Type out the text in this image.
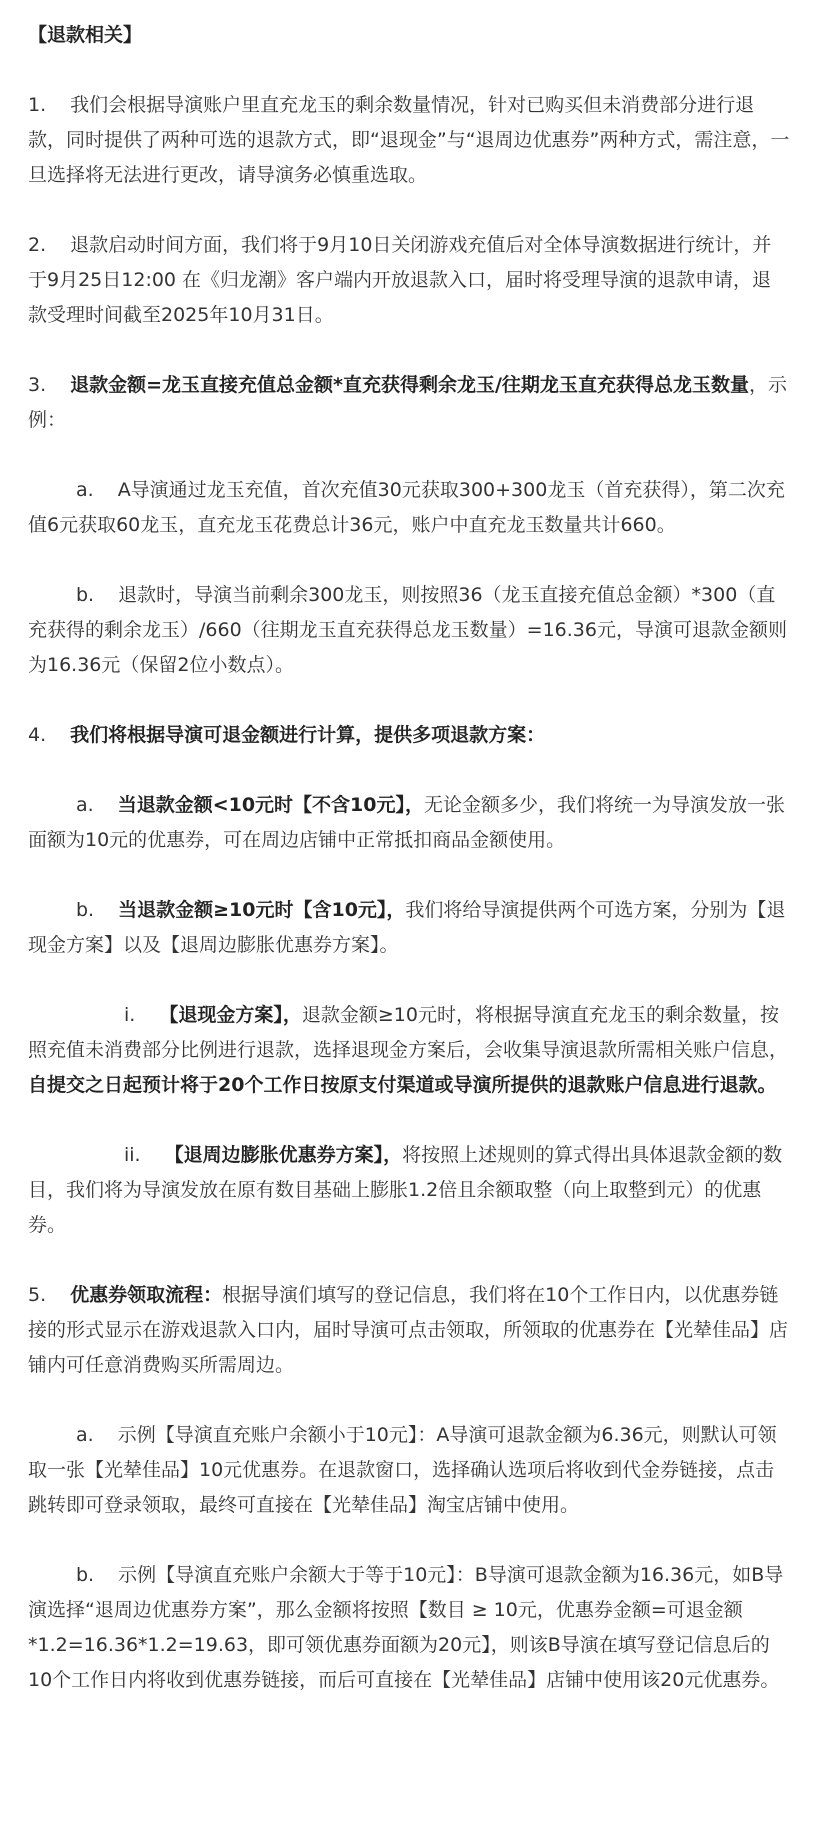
【退款相关】

1. 我们会根据导演账户里直充龙玉的剩余数量情况，针对已购买但未消费部分进行退款，同时提供了两种可选的退款方式，即“退现金”与“退周边优惠券”两种方式，需注意，一旦选择将无法进行更改，请导演务必慎重选取。

2. 退款启动时间方面，我们将于9月10日关闭游戏充值后对全体导演数据进行统计，并于9月25日12:00 在《归龙潮》客户端内开放退款入口，届时将受理导演的退款申请，退款受理时间截至2025年10月31日。

3. 退款金额=龙玉直接充值总金额*直充获得剩余龙玉/往期龙玉直充获得总龙玉数量，示例：

a. A导演通过龙玉充值，首次充值30元获取300+300龙玉（首充获得），第二次充值6元获取60龙玉，直充龙玉花费总计36元，账户中直充龙玉数量共计660。

b. 退款时，导演当前剩余300龙玉，则按照36（龙玉直接充值总金额）*300（直充获得的剩余龙玉）/660（往期龙玉直充获得总龙玉数量）=16.36元，导演可退款金额则为16.36元（保留2位小数点）。

4. 我们将根据导演可退金额进行计算，提供多项退款方案：

a. 当退款金额<10元时【不含10元】，无论金额多少，我们将统一为导演发放一张面额为10元的优惠券，可在周边店铺中正常抵扣商品金额使用。

b. 当退款金额≥10元时【含10元】，我们将给导演提供两个可选方案，分别为【退现金方案】以及【退周边膨胀优惠券方案】。

i. 【退现金方案】，退款金额≥10元时，将根据导演直充龙玉的剩余数量，按照充值未消费部分比例进行退款，选择退现金方案后，会收集导演退款所需相关账户信息，自提交之日起预计将于20个工作日按原支付渠道或导演所提供的退款账户信息进行退款。

ii. 【退周边膨胀优惠券方案】，将按照上述规则的算式得出具体退款金额的数目，我们将为导演发放在原有数目基础上膨胀1.2倍且余额取整（向上取整到元）的优惠券。

5. 优惠券领取流程：根据导演们填写的登记信息，我们将在10个工作日内，以优惠券链接的形式显示在游戏退款入口内，届时导演可点击领取，所领取的优惠券在【光辇佳品】店铺内可任意消费购买所需周边。

a. 示例【导演直充账户余额小于10元】：A导演可退款金额为6.36元，则默认可领取一张【光辇佳品】10元优惠券。在退款窗口，选择确认选项后将收到代金券链接，点击跳转即可登录领取，最终可直接在【光辇佳品】淘宝店铺中使用。

b. 示例【导演直充账户余额大于等于10元】：B导演可退款金额为16.36元，如B导演选择“退周边优惠券方案”，那么金额将按照【数目 ≥ 10元，优惠券金额=可退金额*1.2=16.36*1.2=19.63，即可领优惠券面额为20元】，则该B导演在填写登记信息后的10个工作日内将收到优惠券链接，而后可直接在【光辇佳品】店铺中使用该20元优惠券。
